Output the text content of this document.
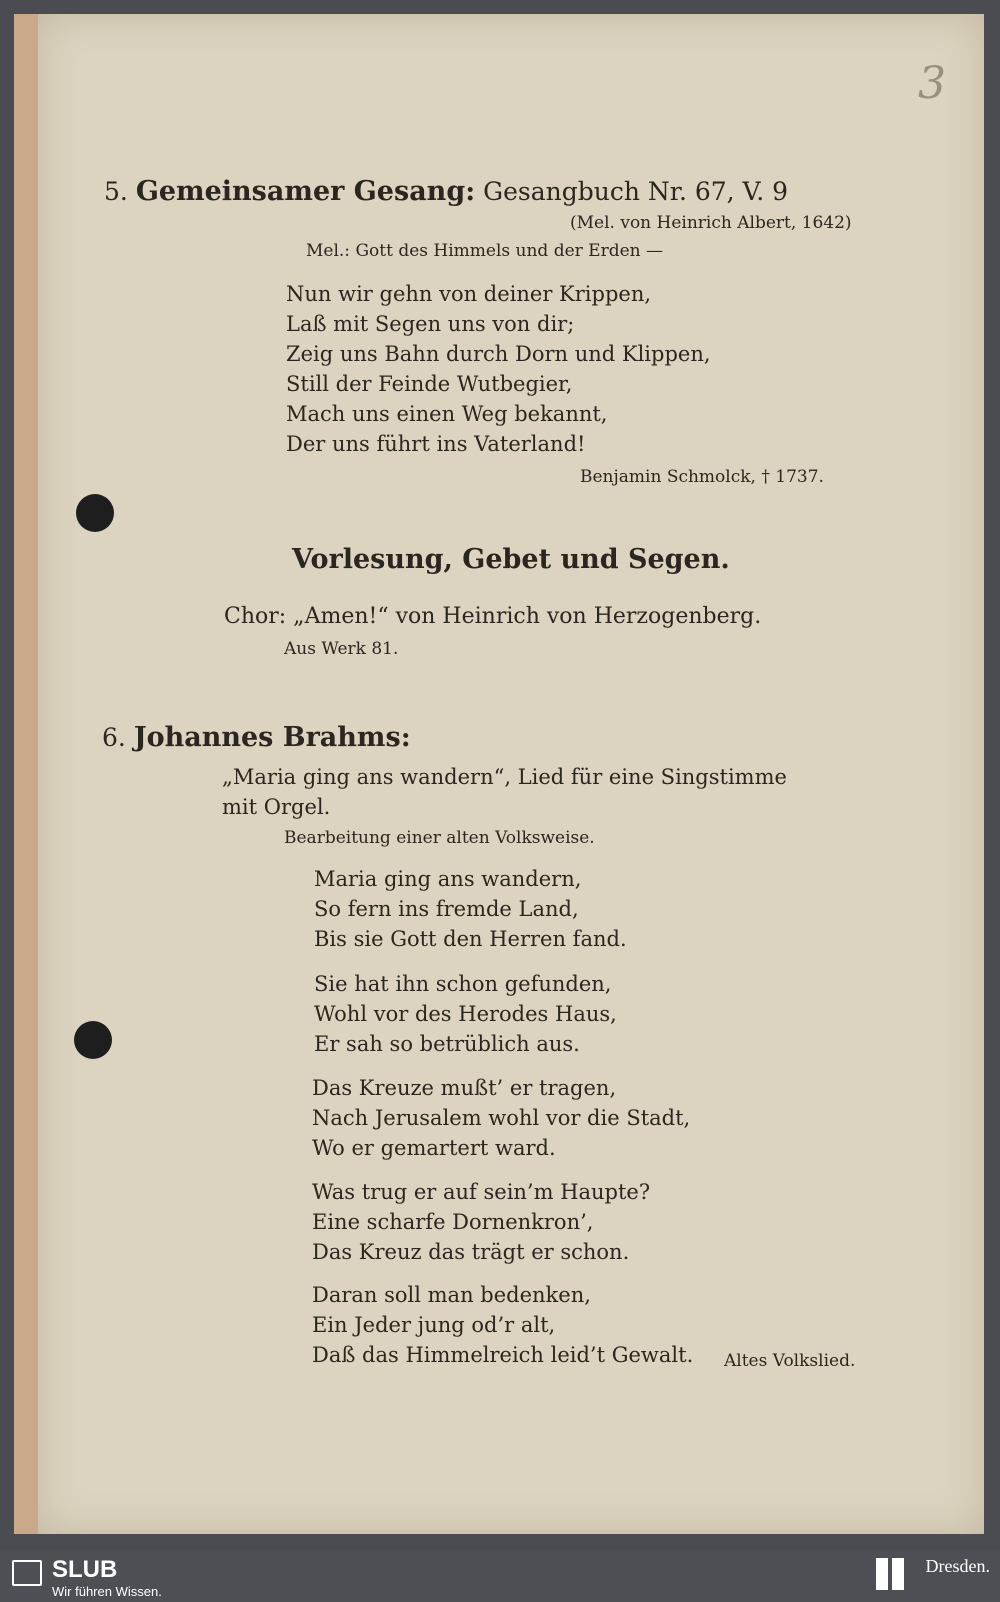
3
5. Gemeinsamer Gesang: Gesangbuch Nr. 67, V. 9
(Mel. von Heinrich Albert, 1642)
Mel.: Gott des Himmels und der Erden —
Nun wir gehn von deiner Krippen,
Laß mit Segen uns von dir;
Zeig uns Bahn durch Dorn und Klippen,
Still der Feinde Wutbegier,
Mach uns einen Weg bekannt,
Der uns führt ins Vaterland!
Benjamin Schmolck, † 1737.
Vorlesung, Gebet und Segen.
Chor: „Amen!“ von Heinrich von Herzogenberg.
Aus Werk 81.
6. Johannes Brahms:
„Maria ging ans wandern“, Lied für eine Singstimme
mit Orgel.
Bearbeitung einer alten Volksweise.
Maria ging ans wandern,
So fern ins fremde Land,
Bis sie Gott den Herren fand.
Sie hat ihn schon gefunden,
Wohl vor des Herodes Haus,
Er sah so betrüblich aus.
Das Kreuze mußt’ er tragen,
Nach Jerusalem wohl vor die Stadt,
Wo er gemartert ward.
Was trug er auf sein’m Haupte?
Eine scharfe Dornenkron’,
Das Kreuz das trägt er schon.
Daran soll man bedenken,
Ein Jeder jung od’r alt,
Daß das Himmelreich leid’t Gewalt. Altes Volkslied.
SLUB
Wir führen Wissen.
Dresden.
